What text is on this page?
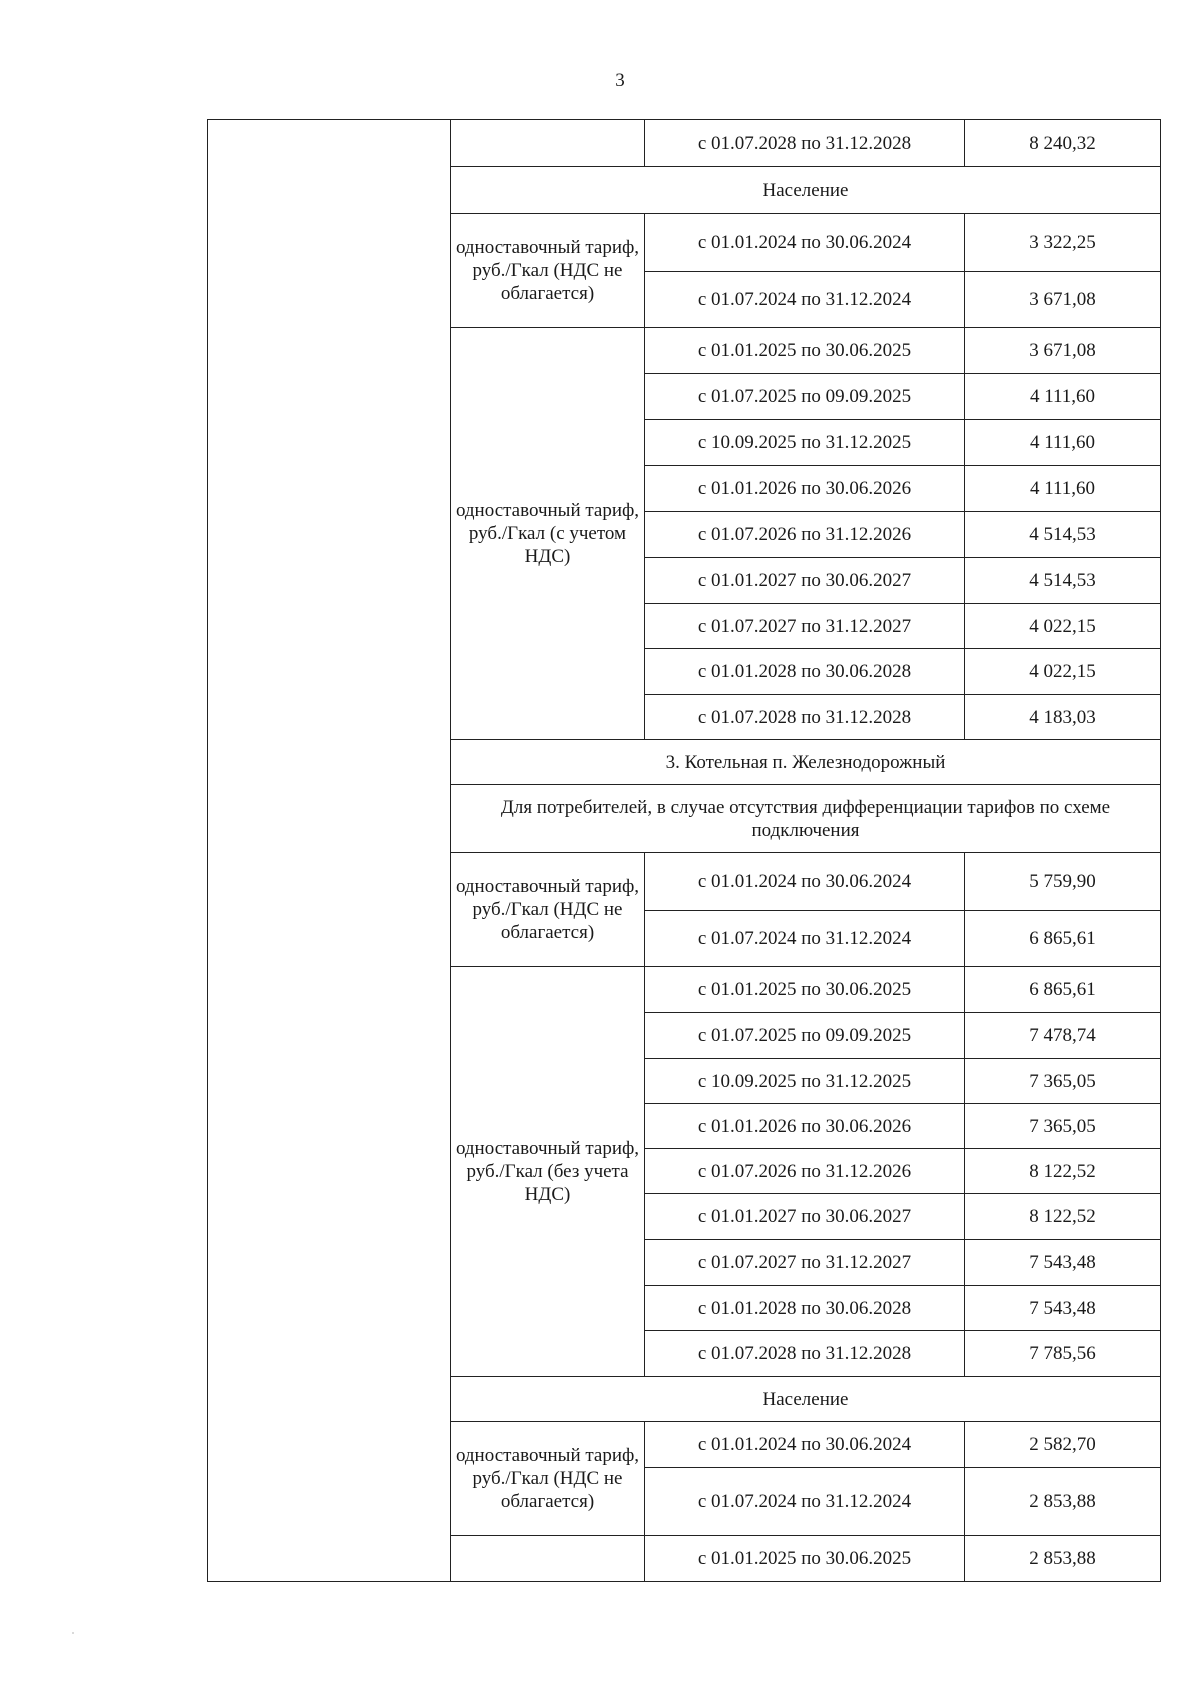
3
		с 01.07.2028 по 31.12.2028	8 240,32
	Население		
	одноставочный тариф, руб./Гкал (НДС не облагается)	с 01.01.2024 по 30.06.2024	3 322,25
		с 01.07.2024 по 31.12.2024	3 671,08
	одноставочный тариф, руб./Гкал (с учетом НДС)	с 01.01.2025 по 30.06.2025	3 671,08
		с 01.07.2025 по 09.09.2025	4 111,60
		с 10.09.2025 по 31.12.2025	4 111,60
		с 01.01.2026 по 30.06.2026	4 111,60
		с 01.07.2026 по 31.12.2026	4 514,53
		с 01.01.2027 по 30.06.2027	4 514,53
		с 01.07.2027 по 31.12.2027	4 022,15
		с 01.01.2028 по 30.06.2028	4 022,15
		с 01.07.2028 по 31.12.2028	4 183,03
	3. Котельная п. Железнодорожный		
	Для потребителей, в случае отсутствия дифференциации тарифов по схеме подключения		
	одноставочный тариф, руб./Гкал (НДС не облагается)	с 01.01.2024 по 30.06.2024	5 759,90
		с 01.07.2024 по 31.12.2024	6 865,61
	одноставочный тариф, руб./Гкал (без учета НДС)	с 01.01.2025 по 30.06.2025	6 865,61
		с 01.07.2025 по 09.09.2025	7 478,74
		с 10.09.2025 по 31.12.2025	7 365,05
		с 01.01.2026 по 30.06.2026	7 365,05
		с 01.07.2026 по 31.12.2026	8 122,52
		с 01.01.2027 по 30.06.2027	8 122,52
		с 01.07.2027 по 31.12.2027	7 543,48
		с 01.01.2028 по 30.06.2028	7 543,48
		с 01.07.2028 по 31.12.2028	7 785,56
	Население		
	одноставочный тариф, руб./Гкал (НДС не облагается)	с 01.01.2024 по 30.06.2024	2 582,70
		с 01.07.2024 по 31.12.2024	2 853,88
		с 01.01.2025 по 30.06.2025	2 853,88
